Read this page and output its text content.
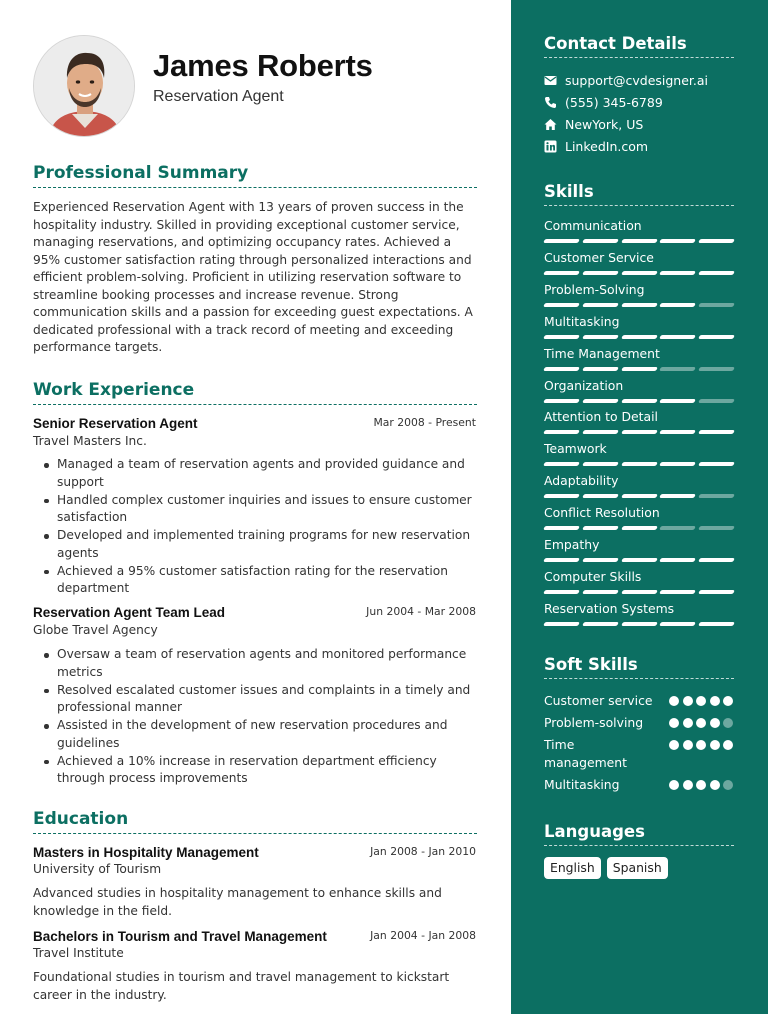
James Roberts
Reservation Agent
Professional Summary
Experienced Reservation Agent with 13 years of proven success in the hospitality industry. Skilled in providing exceptional customer service, managing reservations, and optimizing occupancy rates. Achieved a 95% customer satisfaction rating through personalized interactions and efficient problem-solving. Proficient in utilizing reservation software to streamline booking processes and increase revenue. Strong communication skills and a passion for exceeding guest expectations. A dedicated professional with a track record of meeting and exceeding performance targets.
Work Experience
Senior Reservation Agent	Mar 2008 - Present
Travel Masters Inc.
Managed a team of reservation agents and provided guidance and support
Handled complex customer inquiries and issues to ensure customer satisfaction
Developed and implemented training programs for new reservation agents
Achieved a 95% customer satisfaction rating for the reservation department
Reservation Agent Team Lead	Jun 2004 - Mar 2008
Globe Travel Agency
Oversaw a team of reservation agents and monitored performance metrics
Resolved escalated customer issues and complaints in a timely and professional manner
Assisted in the development of new reservation procedures and guidelines
Achieved a 10% increase in reservation department efficiency through process improvements
Education
Masters in Hospitality Management	Jan 2008 - Jan 2010
University of Tourism
Advanced studies in hospitality management to enhance skills and knowledge in the field.
Bachelors in Tourism and Travel Management	Jan 2004 - Jan 2008
Travel Institute
Foundational studies in tourism and travel management to kickstart career in the industry.
Contact Details
support@cvdesigner.ai
(555) 345-6789
NewYork, US
LinkedIn.com
Skills
Communication
Customer Service
Problem-Solving
Multitasking
Time Management
Organization
Attention to Detail
Teamwork
Adaptability
Conflict Resolution
Empathy
Computer Skills
Reservation Systems
Soft Skills
Customer service
Problem-solving
Time management
Multitasking
Languages
English	Spanish
